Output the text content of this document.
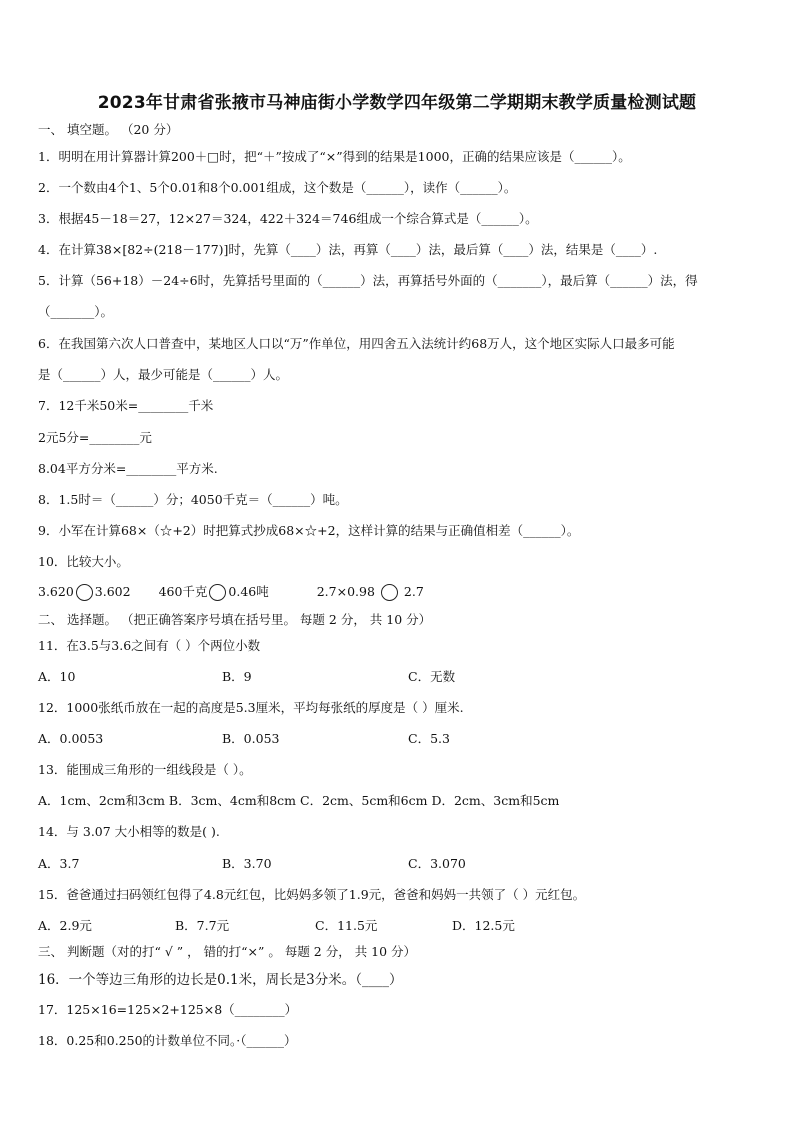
2023年甘肃省张掖市马神庙街小学数学四年级第二学期期末教学质量检测试题
一、 填空题。 （20 分）
1．明明在用计算器计算200＋□时，把“＋”按成了“×”得到的结果是1000，正确的结果应该是（______）。
2．一个数由4个1、5个0.01和8个0.001组成，这个数是（______），读作（______）。
3．根据45－18＝27，12×27＝324，422＋324＝746组成一个综合算式是（______）。
4．在计算38×[82÷(218－177)]时，先算（____）法，再算（____）法，最后算（____）法，结果是（____）.
5．计算（56+18）－24÷6时，先算括号里面的（______）法，再算括号外面的（_______），最后算（______）法，得
（_______）。
6．在我国第六次人口普查中，某地区人口以“万”作单位，用四舍五入法统计约68万人，这个地区实际人口最多可能
是（______）人，最少可能是（______）人。
7．12千米50米=________千米
2元5分=________元
8.04平方分米=________平方米.
8．1.5时＝（______）分；4050千克＝（______）吨。
9．小军在计算68×（☆+2）时把算式抄成68×☆+2，这样计算的结果与正确值相差（______）。
10．比较大小。
3.620 3.602 460千克 0.46吨	2.7×0.98 2.7
二、 选择题。 （把正确答案序号填在括号里。 每题 2 分， 共 10 分）
11．在3.5与3.6之间有（ ）个两位小数
A．10	B．9	C．无数
12．1000张纸币放在一起的高度是5.3厘米，平均每张纸的厚度是（ ）厘米.
A．0.0053	B．0.053	C．5.3
13．能围成三角形的一组线段是（ ）。
A．1cm、2cm和3cm B．3cm、4cm和8cm C．2cm、5cm和6cm D．2cm、3cm和5cm
14．与 3.07 大小相等的数是( ).
A．3.7	B．3.70	C．3.070
15．爸爸通过扫码领红包得了4.8元红包，比妈妈多领了1.9元，爸爸和妈妈一共领了（ ）元红包。
A．2.9元	B．7.7元	C．11.5元	D．12.5元
三、 判断题（对的打“ √ ” ， 错的打“×” 。 每题 2 分， 共 10 分）
16．一个等边三角形的边长是0.1米，周长是3分米。（____）
17．125×16=125×2+125×8（________）
18．0.25和0.250的计数单位不同。·（______）
